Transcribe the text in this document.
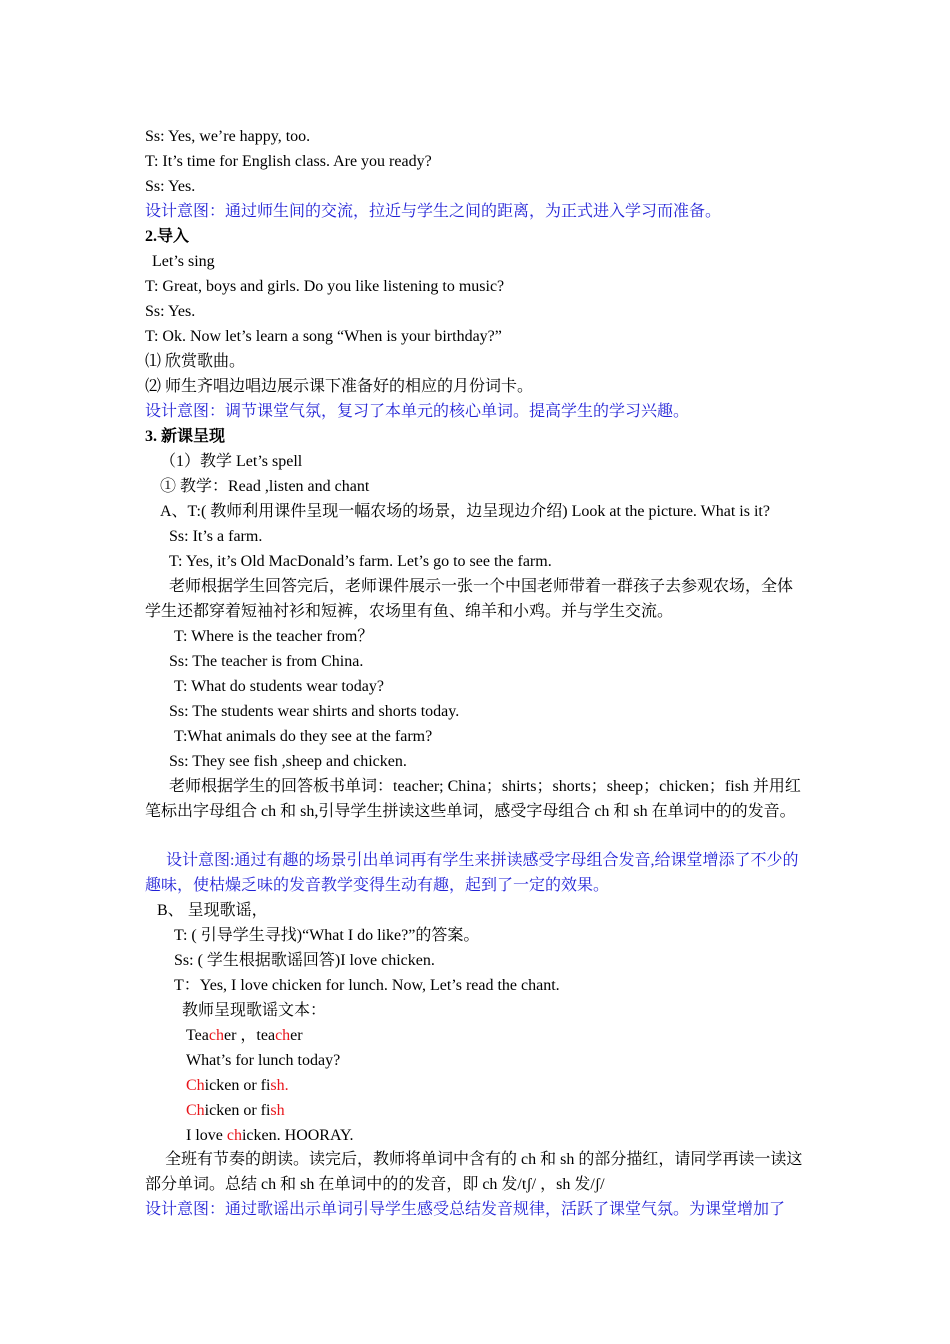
Ss: Yes, we’re happy, too.
T: It’s time for English class. Are you ready?
Ss: Yes.
设计意图：通过师生间的交流，拉近与学生之间的距离，为正式进入学习而准备。
2.导入
Let’s sing
T: Great, boys and girls. Do you like listening to music?
Ss: Yes.
T: Ok. Now let’s learn a song “When is your birthday?”
⑴ 欣赏歌曲。
⑵ 师生齐唱边唱边展示课下准备好的相应的月份词卡。
设计意图：调节课堂气氛，复习了本单元的核心单词。提高学生的学习兴趣。
3. 新课呈现
（1）教学 Let’s spell
① 教学：Read ,listen and chant
A、T:( 教师利用课件呈现一幅农场的场景，边呈现边介绍) Look at the picture. What is it?
Ss: It’s a farm.
T: Yes, it’s Old MacDonald’s farm. Let’s go to see the farm.
老师根据学生回答完后，老师课件展示一张一个中国老师带着一群孩子去参观农场，全体学生还都穿着短袖衬衫和短裤，农场里有鱼、绵羊和小鸡。并与学生交流。
T: Where is the teacher from？
Ss: The teacher is from China.
T: What do students wear today?
Ss: The students wear shirts and shorts today.
T:What animals do they see at the farm?
Ss: They see fish ,sheep and chicken.
老师根据学生的回答板书单词：teacher; China；shirts；shorts；sheep；chicken；fish 并用红笔标出字母组合 ch 和 sh,引导学生拼读这些单词，感受字母组合 ch 和 sh 在单词中的的发音。
设计意图:通过有趣的场景引出单词再有学生来拼读感受字母组合发音,给课堂增添了不少的趣味，使枯燥乏味的发音教学变得生动有趣，起到了一定的效果。
B、 呈现歌谣，
T: ( 引导学生寻找)“What I do like?”的答案。
Ss: ( 学生根据歌谣回答)I love chicken.
T：Yes, I love chicken for lunch. Now, Let’s read the chant.
教师呈现歌谣文本：
Teacher ，teacher
What’s for lunch today?
Chicken or fish.
Chicken or fish
I love chicken. HOORAY.
全班有节奏的朗读。读完后，教师将单词中含有的 ch 和 sh 的部分描红，请同学再读一读这部分单词。总结 ch 和 sh 在单词中的的发音，即 ch 发/tʃ/ ，sh 发/ʃ/
设计意图：通过歌谣出示单词引导学生感受总结发音规律，活跃了课堂气氛。为课堂增加了
